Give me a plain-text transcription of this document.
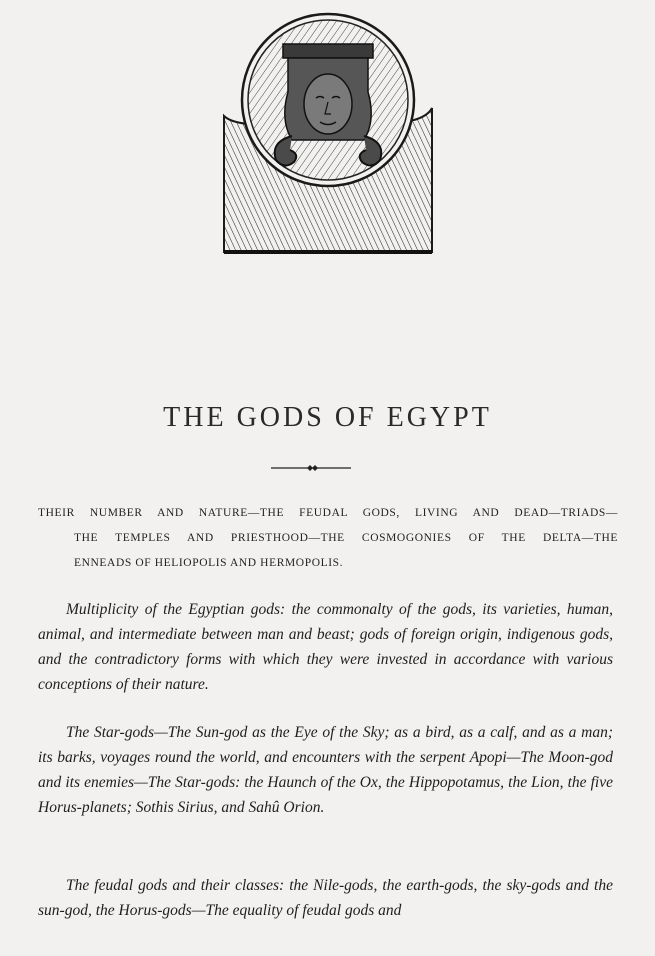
THE GODS OF EGYPT
THEIR NUMBER AND NATURE—THE FEUDAL GODS, LIVING AND DEAD—TRIADS—
THE TEMPLES AND PRIESTHOOD—THE COSMOGONIES OF THE DELTA—THE
ENNEADS OF HELIOPOLIS AND HERMOPOLIS.

Multiplicity of the Egyptian gods: the commonalty of the gods, its varieties, human, animal, and intermediate between man and beast; gods of foreign origin, indigenous gods, and the contradictory forms with which they were invested in accordance with various conceptions of their nature.

The Star-gods—The Sun-god as the Eye of the Sky; as a bird, as a calf, and as a man; its barks, voyages round the world, and encounters with the serpent Apopi—The Moon-god and its enemies—The Star-gods: the Haunch of the Ox, the Hippopotamus, the Lion, the five Horus-planets; Sothis Sirius, and Sahû Orion.

The feudal gods and their classes: the Nile-gods, the earth-gods, the sky-gods and the sun-god, the Horus-gods—The equality of feudal gods and
